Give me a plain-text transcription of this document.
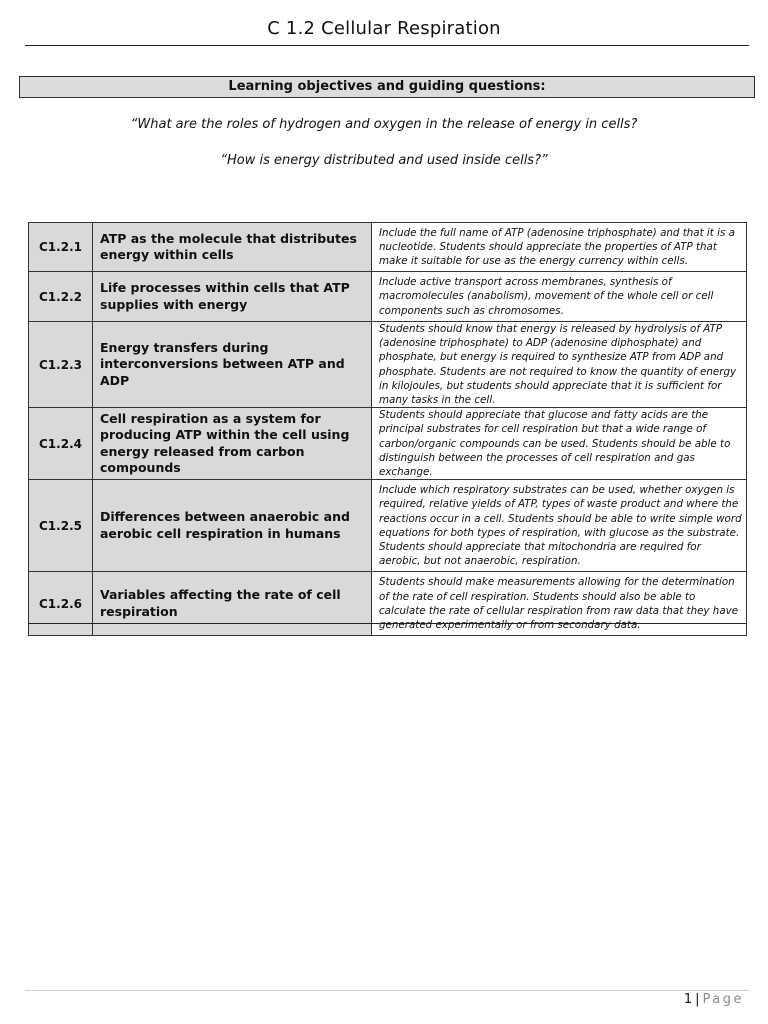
C 1.2 Cellular Respiration
Learning objectives and guiding questions:
“What are the roles of hydrogen and oxygen in the release of energy in cells?
“How is energy distributed and used inside cells?”
C1.2.1	ATP as the molecule that distributes energy within cells	Include the full name of ATP (adenosine triphosphate) and that it is a nucleotide. Students should appreciate the properties of ATP that make it suitable for use as the energy currency within cells.
C1.2.2	Life processes within cells that ATP supplies with energy	Include active transport across membranes, synthesis of macromolecules (anabolism), movement of the whole cell or cell components such as chromosomes.
C1.2.3	Energy transfers during interconversions between ATP and ADP	Students should know that energy is released by hydrolysis of ATP (adenosine triphosphate) to ADP (adenosine diphosphate) and phosphate, but energy is required to synthesize ATP from ADP and phosphate. Students are not required to know the quantity of energy in kilojoules, but students should appreciate that it is sufficient for many tasks in the cell.
C1.2.4	Cell respiration as a system for producing ATP within the cell using energy released from carbon compounds	Students should appreciate that glucose and fatty acids are the principal substrates for cell respiration but that a wide range of carbon/organic compounds can be used. Students should be able to distinguish between the processes of cell respiration and gas exchange.
C1.2.5	Differences between anaerobic and aerobic cell respiration in humans	Include which respiratory substrates can be used, whether oxygen is required, relative yields of ATP, types of waste product and where the reactions occur in a cell. Students should be able to write simple word equations for both types of respiration, with glucose as the substrate. Students should appreciate that mitochondria are required for aerobic, but not anaerobic, respiration.
C1.2.6	Variables affecting the rate of cell respiration	Students should make measurements allowing for the determination of the rate of cell respiration. Students should also be able to calculate the rate of cellular respiration from raw data that they have generated experimentally or from secondary data.
1 | Page
